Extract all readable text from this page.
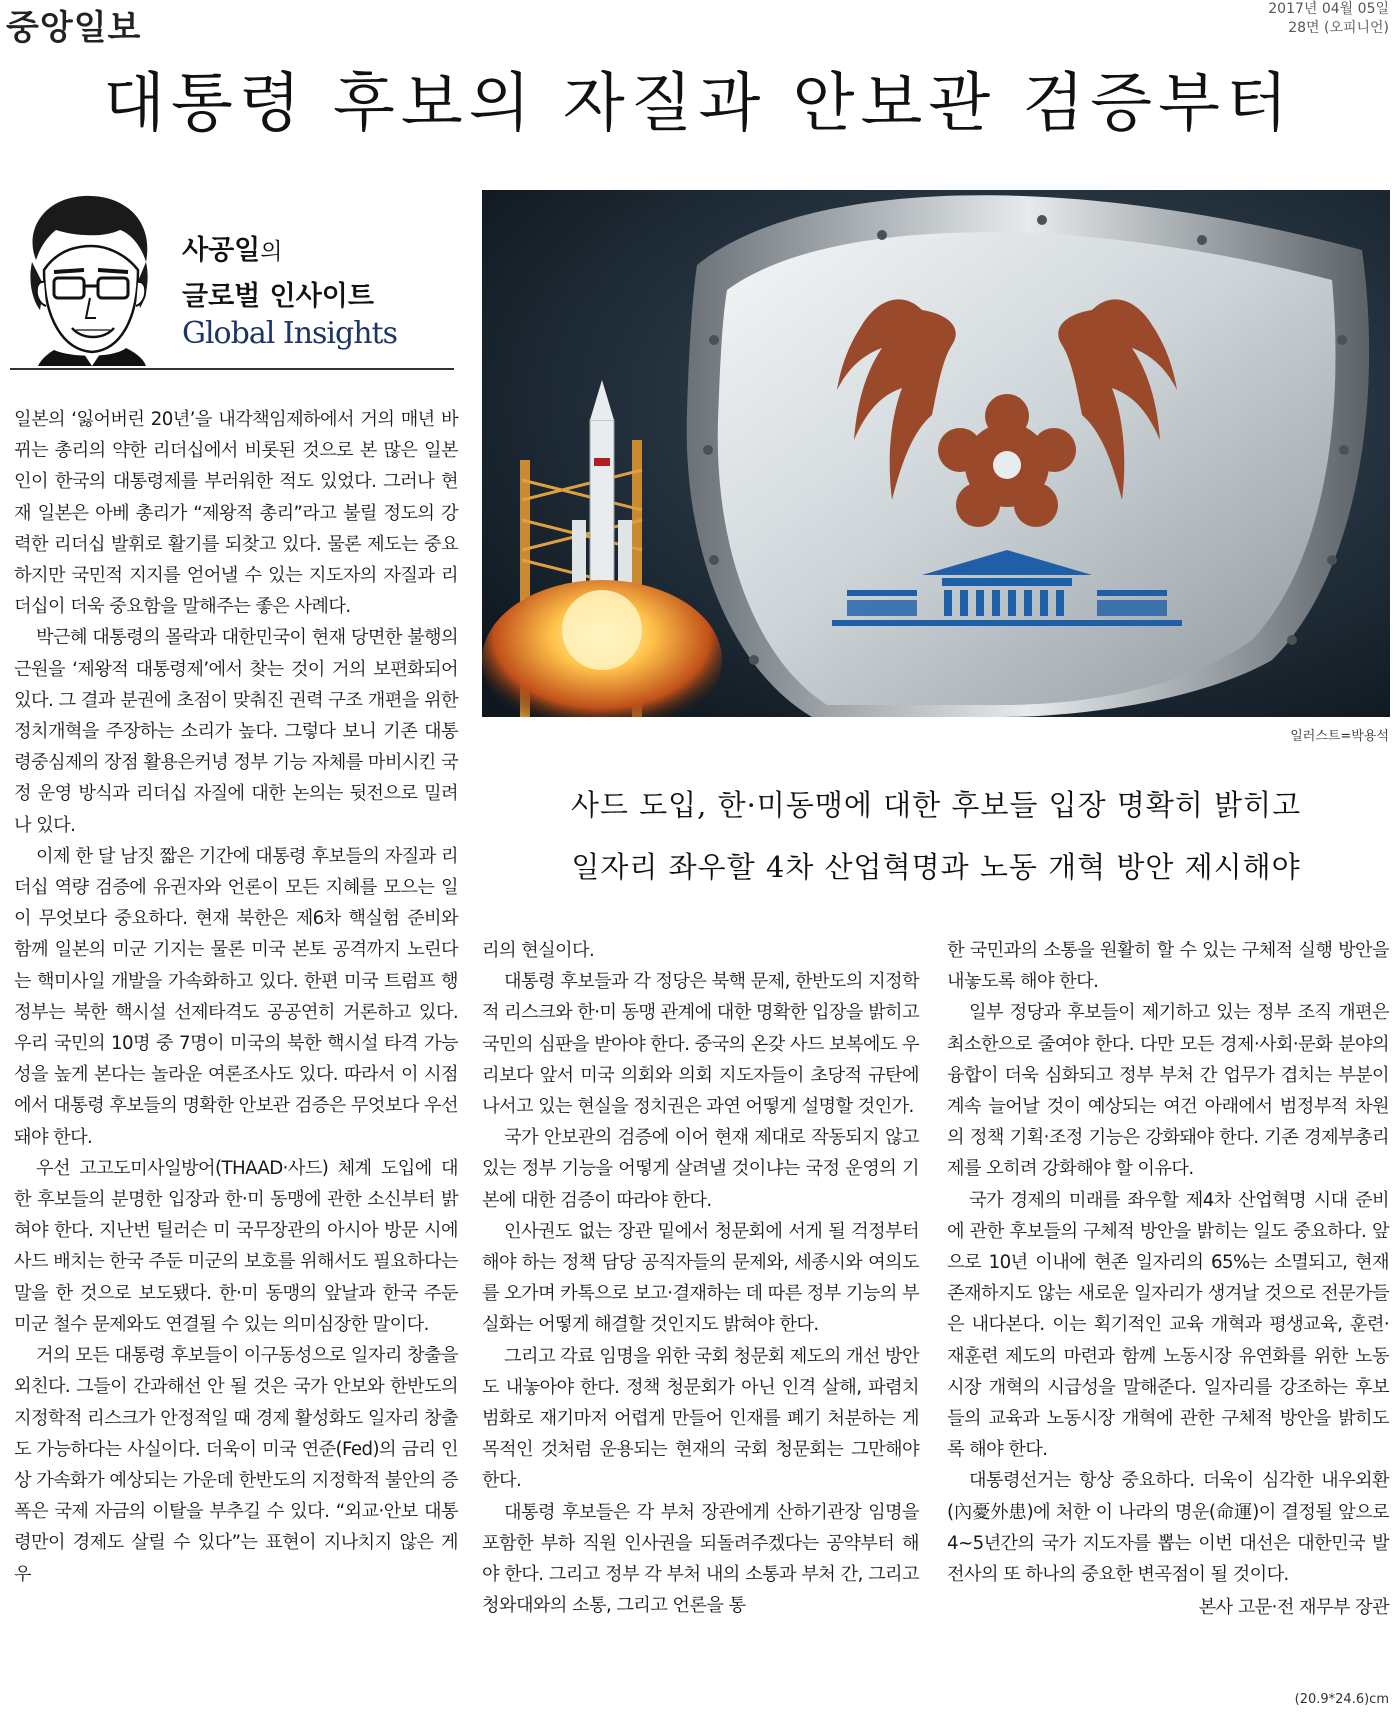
중앙일보	2017년 04월 05일
28면 (오피니언)
대통령 후보의 자질과 안보관 검증부터
사공일의
글로벌 인사이트
Global Insights
일러스트=박용석
사드 도입, 한·미동맹에 대한 후보들 입장 명확히 밝히고
일자리 좌우할 4차 산업혁명과 노동 개혁 방안 제시해야

일본의 ‘잃어버린 20년’을 내각책임제하에서 거의 매년 바뀌는 총리의 약한 리더십에서 비롯된 것으로 본 많은 일본인이 한국의 대통령제를 부러워한 적도 있었다. 그러나 현재 일본은 아베 총리가 “제왕적 총리”라고 불릴 정도의 강력한 리더십 발휘로 활기를 되찾고 있다. 물론 제도는 중요하지만 국민적 지지를 얻어낼 수 있는 지도자의 자질과 리더십이 더욱 중요함을 말해주는 좋은 사례다.

박근혜 대통령의 몰락과 대한민국이 현재 당면한 불행의 근원을 ‘제왕적 대통령제’에서 찾는 것이 거의 보편화되어 있다. 그 결과 분권에 초점이 맞춰진 권력 구조 개편을 위한 정치개혁을 주장하는 소리가 높다. 그렇다 보니 기존 대통령중심제의 장점 활용은커녕 정부 기능 자체를 마비시킨 국정 운영 방식과 리더십 자질에 대한 논의는 뒷전으로 밀려나 있다.

이제 한 달 남짓 짧은 기간에 대통령 후보들의 자질과 리더십 역량 검증에 유권자와 언론이 모든 지혜를 모으는 일이 무엇보다 중요하다. 현재 북한은 제6차 핵실험 준비와 함께 일본의 미군 기지는 물론 미국 본토 공격까지 노린다는 핵미사일 개발을 가속화하고 있다. 한편 미국 트럼프 행정부는 북한 핵시설 선제타격도 공공연히 거론하고 있다. 우리 국민의 10명 중 7명이 미국의 북한 핵시설 타격 가능성을 높게 본다는 놀라운 여론조사도 있다. 따라서 이 시점에서 대통령 후보들의 명확한 안보관 검증은 무엇보다 우선돼야 한다.

우선 고고도미사일방어(THAAD·사드) 체계 도입에 대한 후보들의 분명한 입장과 한·미 동맹에 관한 소신부터 밝혀야 한다. 지난번 틸러슨 미 국무장관의 아시아 방문 시에 사드 배치는 한국 주둔 미군의 보호를 위해서도 필요하다는 말을 한 것으로 보도됐다. 한·미 동맹의 앞날과 한국 주둔 미군 철수 문제와도 연결될 수 있는 의미심장한 말이다.

거의 모든 대통령 후보들이 이구동성으로 일자리 창출을 외친다. 그들이 간과해선 안 될 것은 국가 안보와 한반도의 지정학적 리스크가 안정적일 때 경제 활성화도 일자리 창출도 가능하다는 사실이다. 더욱이 미국 연준(Fed)의 금리 인상 가속화가 예상되는 가운데 한반도의 지정학적 불안의 증폭은 국제 자금의 이탈을 부추길 수 있다. “외교·안보 대통령만이 경제도 살릴 수 있다”는 표현이 지나치지 않은 게 우

리의 현실이다.

대통령 후보들과 각 정당은 북핵 문제, 한반도의 지정학적 리스크와 한·미 동맹 관계에 대한 명확한 입장을 밝히고 국민의 심판을 받아야 한다. 중국의 온갖 사드 보복에도 우리보다 앞서 미국 의회와 의회 지도자들이 초당적 규탄에 나서고 있는 현실을 정치권은 과연 어떻게 설명할 것인가.

국가 안보관의 검증에 이어 현재 제대로 작동되지 않고 있는 정부 기능을 어떻게 살려낼 것이냐는 국정 운영의 기본에 대한 검증이 따라야 한다.

인사권도 없는 장관 밑에서 청문회에 서게 될 걱정부터 해야 하는 정책 담당 공직자들의 문제와, 세종시와 여의도를 오가며 카톡으로 보고·결재하는 데 따른 정부 기능의 부실화는 어떻게 해결할 것인지도 밝혀야 한다.

그리고 각료 임명을 위한 국회 청문회 제도의 개선 방안도 내놓아야 한다. 정책 청문회가 아닌 인격 살해, 파렴치범화로 재기마저 어렵게 만들어 인재를 폐기 처분하는 게 목적인 것처럼 운용되는 현재의 국회 청문회는 그만해야 한다.

대통령 후보들은 각 부처 장관에게 산하기관장 임명을 포함한 부하 직원 인사권을 되돌려주겠다는 공약부터 해야 한다. 그리고 정부 각 부처 내의 소통과 부처 간, 그리고 청와대와의 소통, 그리고 언론을 통

한 국민과의 소통을 원활히 할 수 있는 구체적 실행 방안을 내놓도록 해야 한다.

일부 정당과 후보들이 제기하고 있는 정부 조직 개편은 최소한으로 줄여야 한다. 다만 모든 경제·사회·문화 분야의 융합이 더욱 심화되고 정부 부처 간 업무가 겹치는 부분이 계속 늘어날 것이 예상되는 여건 아래에서 범정부적 차원의 정책 기획·조정 기능은 강화돼야 한다. 기존 경제부총리제를 오히려 강화해야 할 이유다.

국가 경제의 미래를 좌우할 제4차 산업혁명 시대 준비에 관한 후보들의 구체적 방안을 밝히는 일도 중요하다. 앞으로 10년 이내에 현존 일자리의 65%는 소멸되고, 현재 존재하지도 않는 새로운 일자리가 생겨날 것으로 전문가들은 내다본다. 이는 획기적인 교육 개혁과 평생교육, 훈련·재훈련 제도의 마련과 함께 노동시장 유연화를 위한 노동시장 개혁의 시급성을 말해준다. 일자리를 강조하는 후보들의 교육과 노동시장 개혁에 관한 구체적 방안을 밝히도록 해야 한다.

대통령선거는 항상 중요하다. 더욱이 심각한 내우외환(內憂外患)에 처한 이 나라의 명운(命運)이 결정될 앞으로 4~5년간의 국가 지도자를 뽑는 이번 대선은 대한민국 발전사의 또 하나의 중요한 변곡점이 될 것이다.

본사 고문·전 재무부 장관
(20.9*24.6)cm
